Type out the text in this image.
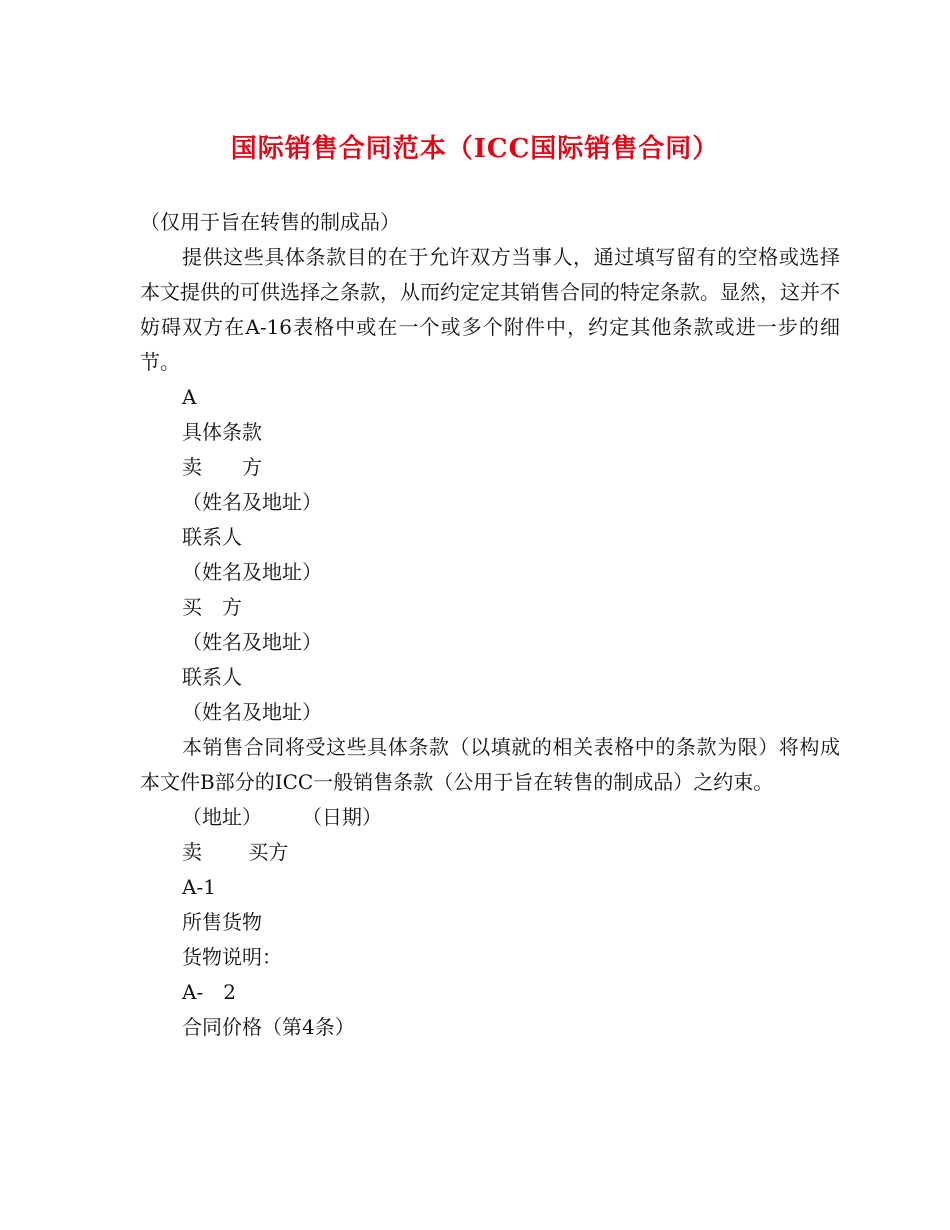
国际销售合同范本（ICC国际销售合同）

（仅用于旨在转售的制成品）

提供这些具体条款目的在于允许双方当事人，通过填写留有的空格或选择本文提供的可供选择之条款，从而约定定其销售合同的特定条款。显然，这并不妨碍双方在A-16表格中或在一个或多个附件中，约定其他条款或进一步的细节。

A

具体条款

卖　　方

（姓名及地址）

联系人

（姓名及地址）

买　方

（姓名及地址）

联系人

（姓名及地址）

本销售合同将受这些具体条款（以填就的相关表格中的条款为限）将构成本文件B部分的ICC一般销售条款（公用于旨在转售的制成品）之约束。

（地址）　　　（日期）

卖　　 买方

A-1

所售货物

货物说明：

A-　2

合同价格（第4条）
